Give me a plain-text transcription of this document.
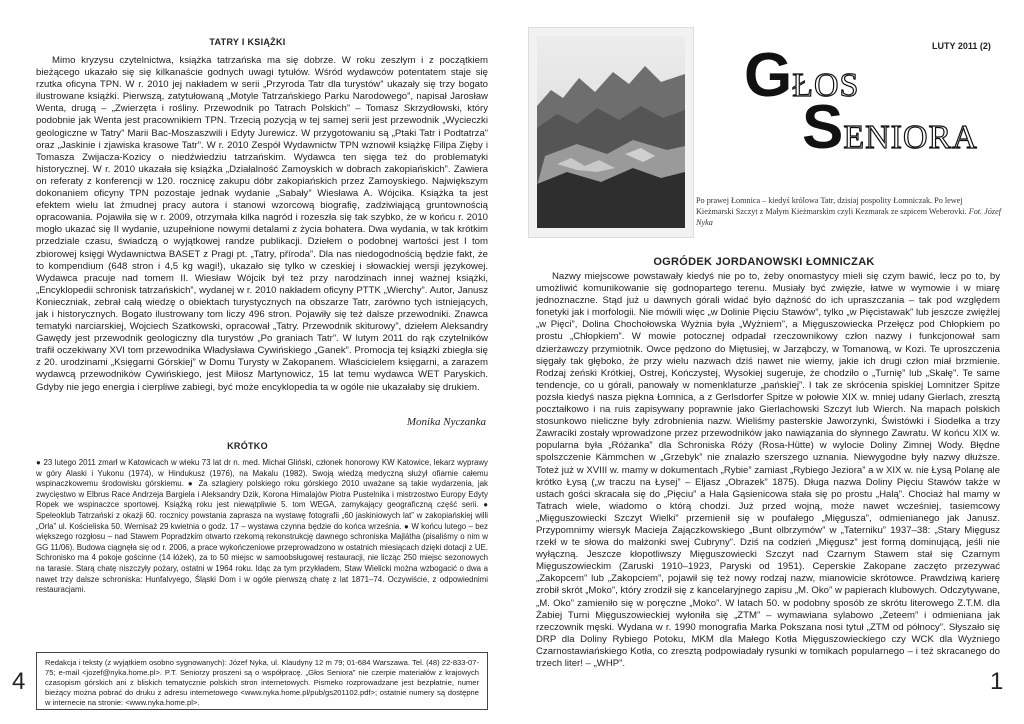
TATRY I KSIĄŻKI
Mimo kryzysu czytelnictwa, książka tatrzańska ma się dobrze. W roku zeszłym i z początkiem bieżącego ukazało się się kilkanaście godnych uwagi tytułów. Wśród wydawców potentatem staje się rzutka oficyna TPN. W r. 2010 jej nakładem w serii „Przyroda Tatr dla turystów” ukazały się trzy bogato ilustrowane książki. Pierwszą, zatytułowaną „Motyle Tatrzańskiego Parku Narodowego”, napisał Jarosław Wenta, drugą – „Zwierzęta i rośliny. Przewodnik po Tatrach Polskich” – Tomasz Skrzydłowski, który podobnie jak Wenta jest pracownikiem TPN. Trzecią pozycją w tej samej serii jest przewodnik „Wycieczki geologiczne w Tatry” Marii Bac-Moszaszwili i Edyty Jurewicz. W przygotowaniu są „Ptaki Tatr i Podtatrza” oraz „Jaskinie i zjawiska krasowe Tatr”. W r. 2010 Zespół Wydawnictw TPN wznowił książkę Filipa Zięby i Tomasza Zwijacza-Kozicy o niedźwiedziu tatrzańskim. Wydawca ten sięga też do problematyki historycznej. W r. 2010 ukazała się książka „Działalność Zamoyskich w dobrach zakopiańskich”. Zawiera on referaty z konferencji w 120. rocznicę zakupu dóbr zakopiańskich przez Zamoyskiego. Największym dokonaniem oficyny TPN pozostaje jednak wydanie „Sabały” Wiesława A. Wójcika. Książka ta jest efektem wielu lat żmudnej pracy autora i stanowi wzorcową biografię, zadziwiającą gruntownością opracowania. Pojawiła się w r. 2009, otrzymała kilka nagród i rozeszła się tak szybko, że w końcu r. 2010 mogło ukazać się II wydanie, uzupełnione nowymi detalami z życia bohatera. Dwa wydania, w tak krótkim przedziale czasu, świadczą o wyjątkowej randze publikacji. Dziełem o podobnej wartości jest I tom zbiorowej księgi Wydawnictwa BASET z Pragi pt. „Tatry, příroda”. Dla nas niedogodnością będzie fakt, że to kompendium (648 stron i 4,5 kg wagi!), ukazało się tylko w czeskiej i słowackiej wersji językowej. Wydawca pracuje nad tomem II. Wiesław Wójcik był też przy narodzinach innej ważnej książki, „Encyklopedii schronisk tatrzańskich”, wydanej w r. 2010 nakładem oficyny PTTK „Wierchy”. Autor, Janusz Konieczniak, zebrał całą wiedzę o obiektach turystycznych na obszarze Tatr, zarówno tych istniejących, jak i historycznych. Bogato ilustrowany tom liczy 496 stron. Pojawiły się też dalsze przewodniki. Znawca tematyki narciarskiej, Wojciech Szatkowski, opracował „Tatry. Przewodnik skiturowy”, dziełem Aleksandry Gawędy jest przewodnik geologiczny dla turystów „Po graniach Tatr”. W lutym 2011 do rąk czytelników trafił oczekiwany XVI tom przewodnika Władysława Cywińskiego „Ganek”. Promocja tej książki zbiegła się z 20. urodzinami „Księgarni Górskiej” w Domu Turysty w Zakopanem. Właścicielem księgarni, a zarazem wydawcą przewodników Cywińskiego, jest Miłosz Martynowicz, 15 lat temu wydawca WET Paryskich. Gdyby nie jego energia i cierpliwe zabiegi, być może encyklopedia ta w ogóle nie ukazałaby się drukiem.
Monika Nyczanka
KRÓTKO
● 23 lutego 2011 zmarł w Katowicach w wieku 73 lat dr n. med. Michał Gliński, członek honorowy KW Katowice, lekarz wyprawy w góry Alaski i Yukonu (1974), w Hindukusz (1976), na Makalu (1982). Swoją wiedzą medyczną służył ofiarnie całemu wspinaczkowemu środowisku górskiemu. ● Za szlagiery polskiego roku górskiego 2010 uważane są takie wydarzenia, jak zwycięstwo w Elbrus Race Andrzeja Bargiela i Aleksandry Dzik, Korona Himalajów Piotra Pustelnika i mistrzostwo Europy Edyty Ropek we wspinaczce sportowej. Książką roku jest niewątpliwie 5. tom WEGA, zamykający geograficzną część serii. ● Speleoklub Tatrzański z okazji 60. rocznicy powstania zaprasza na wystawę fotografii „60 jaskiniowych lat” w zakopiańskiej willi „Orla” ul. Kościeliska 50. Wernisaż 29 kwietnia o godz. 17 – wystawa czynna będzie do końca września. ● W końcu lutego – bez większego rozgłosu – nad Stawem Popradzkim otwarto rzekomą rekonstrukcję dawnego schroniska Majláthа (pisaliśmy o nim w GG 11/06). Budowa ciągnęła się od r. 2006, a prace wykończeniowe przeprowadzono w ostatnich miesiącach dzięki dotacji z UE. Schronisko ma 4 pokoje gościnne (14 łóżek), za to 50 miejsc w samoobsługowej restauracji, nie licząc 250 miejsc sezonowych na tarasie. Starą chatę niszczyły pożary, ostatni w 1964 roku. Idąc za tym przykładem, Staw Wielicki można wzbogacić o dwa a nawet trzy dalsze schroniska: Hunfalvyego, Śląski Dom i w ogóle pierwszą chatę z lat 1871–74. Oczywiście, z odpowiednimi restauracjami.
Redakcja i teksty (z wyjątkiem osobno sygnowanych): Józef Nyka, ul. Klaudyny 12 m 79; 01-684 Warszawa. Tel. (48) 22-833-07-75; e-mail <jozef@nyka.home.pl>. P.T. Seniorzy proszeni są o współpracę. „Głos Seniora” nie czerpie materiałów z krajowych czasopism górskich ani z bliskich tematycznie polskich stron internetowych. Pismeko rozprowadzane jest bezpłatnie, numer bieżący można pobrać do druku z adresu internetowego <www.nyka.home.pl/pub/gs201102.pdf>; ostatnie numery są dostępne w internecie na stronie: <www.nyka.home.pl>.
4
LUTY 2011 (2)
GŁOS
SENIORA
Po prawej Łomnica – kiedyś królowa Tatr, dzisiaj pospolity Łomniczak. Po lewej Kieżmarski Szczyt z Małym Kieżmarskim czyli Kezmarak ze szpicem Weberovki. Fot. Józef Nyka
OGRÓDEK JORDANOWSKI ŁOMNICZAK
Nazwy miejscowe powstawały kiedyś nie po to, żeby onomastycy mieli się czym bawić, lecz po to, by umożliwić komunikowanie się godnopartego terenu. Musiały być zwięzłe, łatwe w wymowie i w miarę jednoznaczne. Stąd już u dawnych górali widać było dążność do ich upraszczania – tak pod względem fonetyki jak i morfologii. Nie mówili więc „w Dolinie Pięciu Stawów”, tylko „w Pięcistawak” lub jeszcze zwięźlej „w Pięci”, Dolina Chochołowska Wyżnia była „Wyżniem”, a Mięguszowiecka Przełęcz pod Chłopkiem po prostu „Chłopkiem”. W mowie potocznej odpadał rzeczownikowy człon nazwy i funkcjonował sam dzierżawczy przymiotnik. Owce pędzono do Miętusiej, w Jarząbczy, w Tomanową, w Kozi. Te uproszczenia sięgały tak głęboko, że przy wielu nazwach dziś nawet nie wiemy, jakie ich drugi człon miał brzmienie. Rodzaj żeński Krótkiej, Ostrej, Kończystej, Wysokiej sugeruje, że chodziło o „Turnię” lub „Skałę”. Te same tendencje, co u górali, panowały w nomenklaturze „pańskiej”. I tak ze skrócenia spiskiej Lomnitzer Spitze pozsła kiedyś nasza piękna Łomnica, a z Gerlsdorfer Spitze w połowie XIX w. mniej udany Gierlach, zresztą pocztałkowo i na ruis zapisywany poprawnie jako Gierlachowski Szczyt lub Wierch. Na mapach polskich stosunkowo nieliczne były zdrobnienia nazw. Wieliśmy pasterskie Jaworzynki, Świstówki i Siodełka a trzy Zawraciki zostały wprowadzone przez przewodników jako nawiązania do słynnego Zawratu. W końcu XIX w. popularna była „Różanka” dla Schroniska Róży (Rosa-Hütte) w wylocie Doliny Zimnej Wody. Błędne spolszczenie Kämmchen w „Grzebyk” nie znalazło szerszego uznania. Niewygodne były nazwy dłuższe. Toteż już w XVIII w. mamy w dokumentach „Rybie” zamiast „Rybiego Jeziora” a w XIX w. nie Łysą Polanę ale krótko Łysą („w traczu na Łysej” – Eljasz „Obrazek” 1875). Długa nazwa Doliny Pięciu Stawów także w ustach gości skracała się do „Pięciu” a Hala Gąsienicowa stała się po prostu „Halą”. Chociaż hal mamy w Tatrach wiele, wiadomo o którą chodzi. Już przed wojną, może nawet wcześniej, tasiemcowy „Mięguszowiecki Szczyt Wielki” przemienił się w poufałego „Mięgusza”, odmienianego jak Janusz. Przypomnimy wiersyk Macieja Zajączkowskiego „Bunt olbrzymów” w „Taterniku” 1937–38: „Stary Mięgusz rzekł w te słowa do małżonki swej Cubryny”. Dziś na codzień „Mięgusz” jest formą dominującą, jeśli nie wyłączną. Jeszcze kłopotliwszy Mięguszowiecki Szczyt nad Czarnym Stawem stał się Czarnym Mięguszowieckim (Zaruski 1910–1923, Paryski od 1951). Ceperskie Zakopane zaczęto przezywać „Zakopcem” lub „Zakopciem”, pojawił się też nowy rodzaj nazw, mianowicie skrótowce. Prawdziwą karierę zrobił skrót „Moko”, który zrodził się z kancelaryjnego zapisu „M. Oko” w papierach klubowych. Odczytywane, „M. Oko” zamieniło się w poręczne „Moko”. W latach 50. w podobny sposób ze skrótu literowego Z.T.M. dla Żabiej Turni Mięguszowieckiej wyłoniła się „ZTM” – wymawiana sylabowo „Zeteem” i odmieniana jak rzeczownik męski. Wydana w r. 1990 monografia Marka Pokszana nosi tytuł „ZTM od północy”. Słyszało się DRP dla Doliny Rybiego Potoku, MKM dla Małego Kotła Mięguszowieckiego czy WCK dla Wyżniego Czarnostawiańskiego Kotła, co zresztą podpowiadały rysunki w tomikach popularnego – i też skracanego do trzech liter! – „WHP”.
1
